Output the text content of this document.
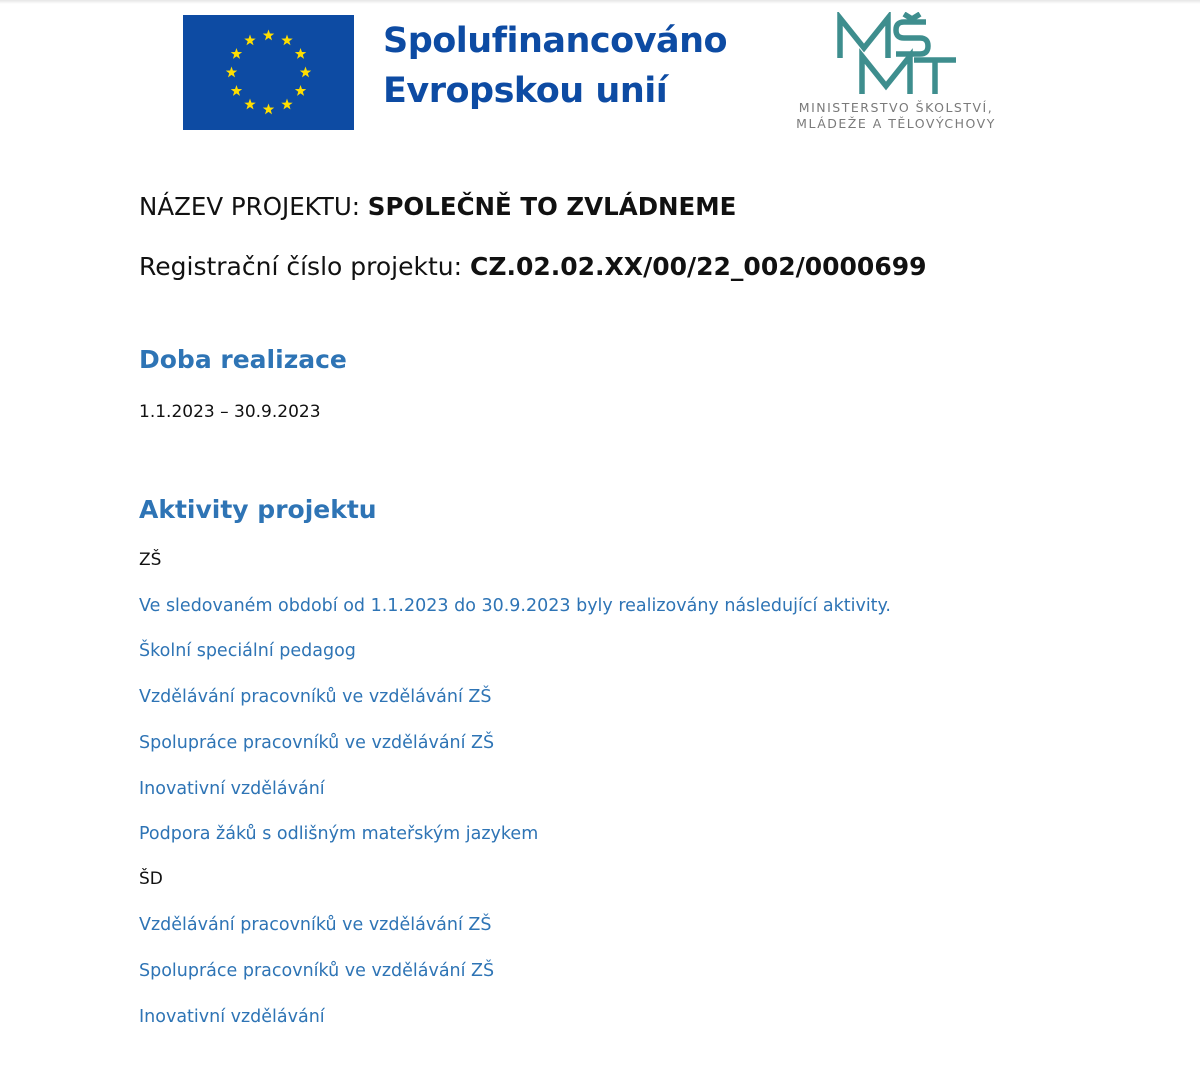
Spolufinancováno
Evropskou unií	MINISTERSTVO ŠKOLSTVÍ,
MLÁDEŽE A TĚLOVÝCHOVY
NÁZEV PROJEKTU: SPOLEČNĚ TO ZVLÁDNEME
Registrační číslo projektu: CZ.02.02.XX/00/22_002/0000699
Doba realizace
1.1.2023 – 30.9.2023
Aktivity projektu
ZŠ
Ve sledovaném období od 1.1.2023 do 30.9.2023 byly realizovány následující aktivity.
Školní speciální pedagog
Vzdělávání pracovníků ve vzdělávání ZŠ
Spolupráce pracovníků ve vzdělávání ZŠ
Inovativní vzdělávání
Podpora žáků s odlišným mateřským jazykem
ŠD
Vzdělávání pracovníků ve vzdělávání ZŠ
Spolupráce pracovníků ve vzdělávání ZŠ
Inovativní vzdělávání
